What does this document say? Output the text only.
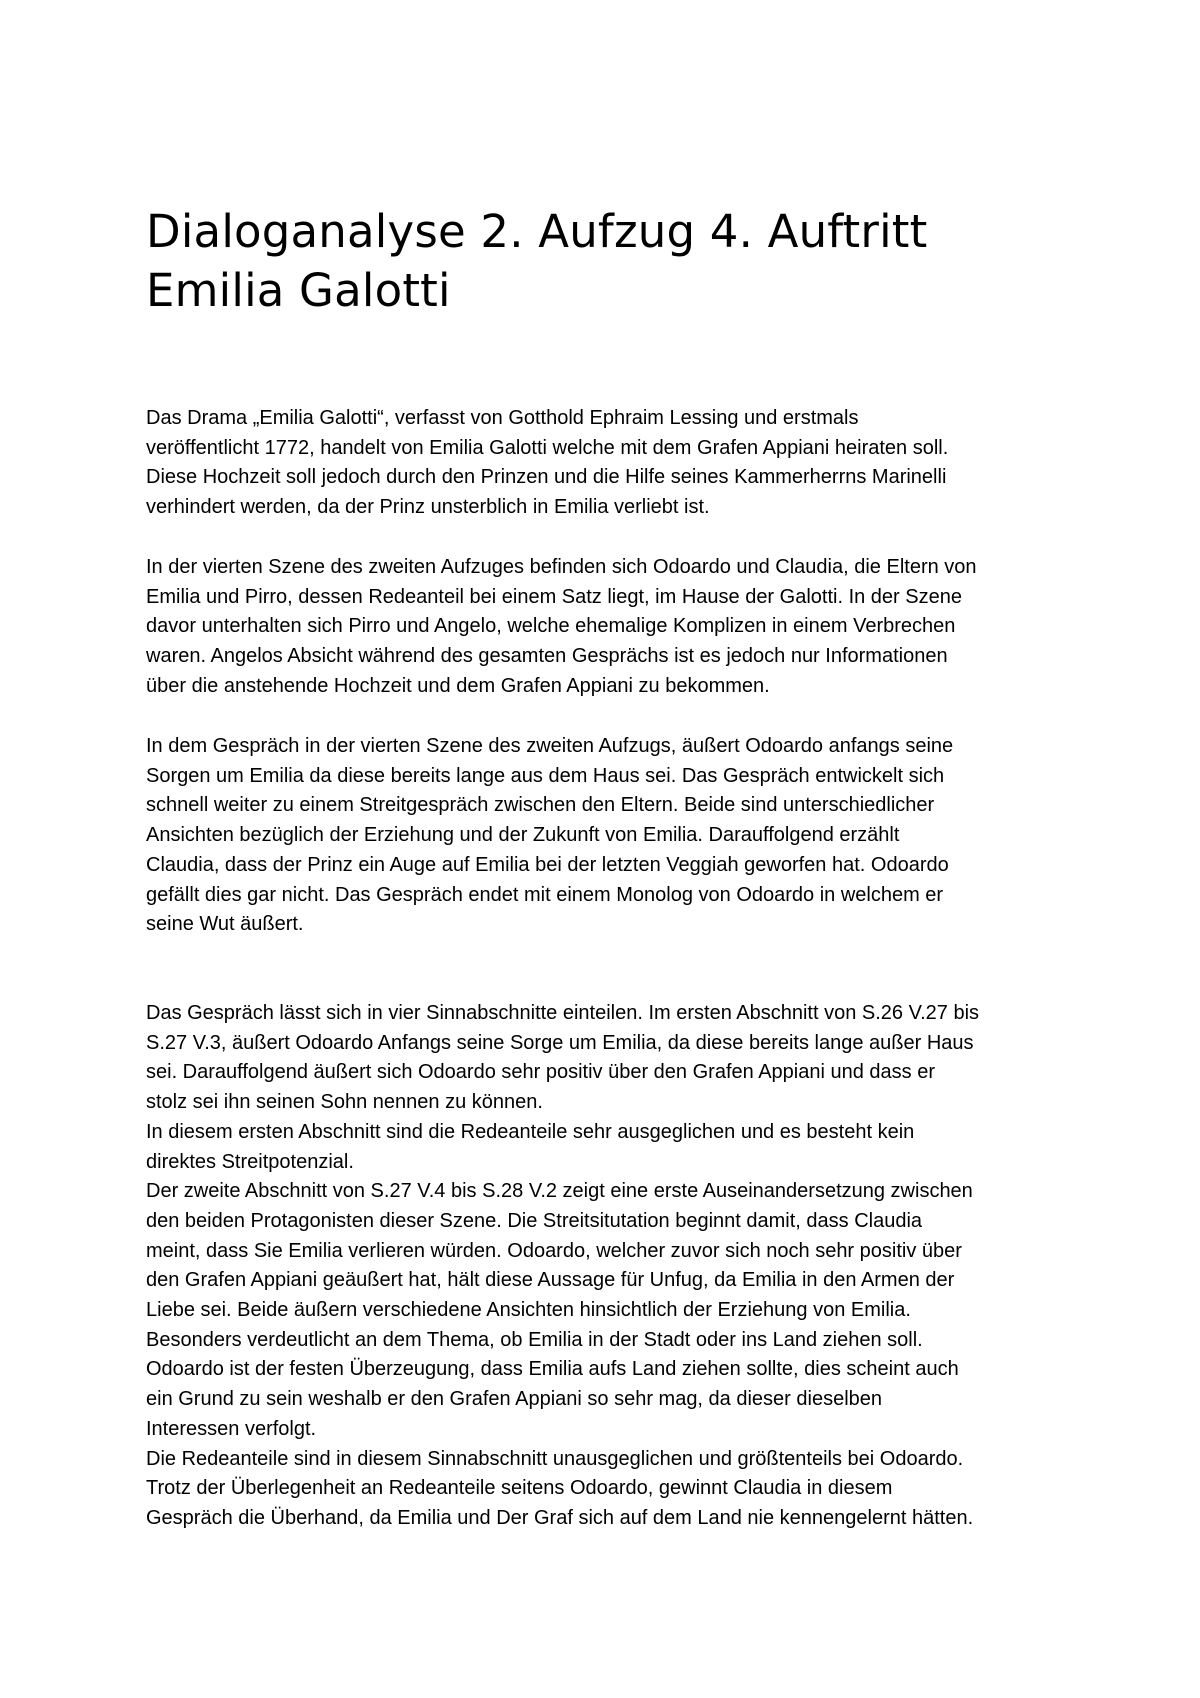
Dialoganalyse 2. Aufzug 4. Auftritt
Emilia Galotti
Das Drama „Emilia Galotti“, verfasst von Gotthold Ephraim Lessing und erstmals
veröffentlicht 1772, handelt von Emilia Galotti welche mit dem Grafen Appiani heiraten soll.
Diese Hochzeit soll jedoch durch den Prinzen und die Hilfe seines Kammerherrns Marinelli
verhindert werden, da der Prinz unsterblich in Emilia verliebt ist.
In der vierten Szene des zweiten Aufzuges befinden sich Odoardo und Claudia, die Eltern von
Emilia und Pirro, dessen Redeanteil bei einem Satz liegt, im Hause der Galotti. In der Szene
davor unterhalten sich Pirro und Angelo, welche ehemalige Komplizen in einem Verbrechen
waren. Angelos Absicht während des gesamten Gesprächs ist es jedoch nur Informationen
über die anstehende Hochzeit und dem Grafen Appiani zu bekommen.
In dem Gespräch in der vierten Szene des zweiten Aufzugs, äußert Odoardo anfangs seine
Sorgen um Emilia da diese bereits lange aus dem Haus sei. Das Gespräch entwickelt sich
schnell weiter zu einem Streitgespräch zwischen den Eltern. Beide sind unterschiedlicher
Ansichten bezüglich der Erziehung und der Zukunft von Emilia. Darauffolgend erzählt
Claudia, dass der Prinz ein Auge auf Emilia bei der letzten Veggiah geworfen hat. Odoardo
gefällt dies gar nicht. Das Gespräch endet mit einem Monolog von Odoardo in welchem er
seine Wut äußert.
Das Gespräch lässt sich in vier Sinnabschnitte einteilen. Im ersten Abschnitt von S.26 V.27 bis
S.27 V.3, äußert Odoardo Anfangs seine Sorge um Emilia, da diese bereits lange außer Haus
sei. Darauffolgend äußert sich Odoardo sehr positiv über den Grafen Appiani und dass er
stolz sei ihn seinen Sohn nennen zu können.
In diesem ersten Abschnitt sind die Redeanteile sehr ausgeglichen und es besteht kein
direktes Streitpotenzial.
Der zweite Abschnitt von S.27 V.4 bis S.28 V.2 zeigt eine erste Auseinandersetzung zwischen
den beiden Protagonisten dieser Szene. Die Streitsitutation beginnt damit, dass Claudia
meint, dass Sie Emilia verlieren würden. Odoardo, welcher zuvor sich noch sehr positiv über
den Grafen Appiani geäußert hat, hält diese Aussage für Unfug, da Emilia in den Armen der
Liebe sei. Beide äußern verschiedene Ansichten hinsichtlich der Erziehung von Emilia.
Besonders verdeutlicht an dem Thema, ob Emilia in der Stadt oder ins Land ziehen soll.
Odoardo ist der festen Überzeugung, dass Emilia aufs Land ziehen sollte, dies scheint auch
ein Grund zu sein weshalb er den Grafen Appiani so sehr mag, da dieser dieselben
Interessen verfolgt.
Die Redeanteile sind in diesem Sinnabschnitt unausgeglichen und größtenteils bei Odoardo.
Trotz der Überlegenheit an Redeanteile seitens Odoardo, gewinnt Claudia in diesem
Gespräch die Überhand, da Emilia und Der Graf sich auf dem Land nie kennengelernt hätten.
